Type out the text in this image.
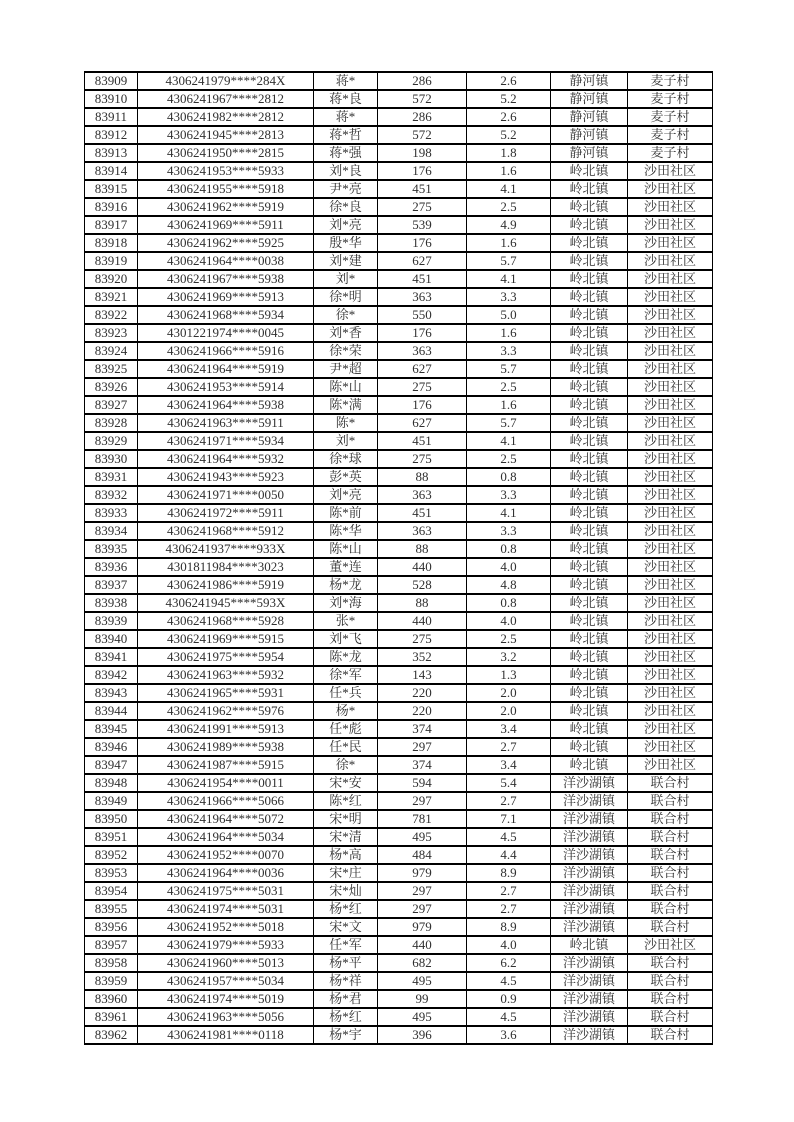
83909	4306241979****284X	蒋*	286	2.6	静河镇	麦子村
83910	4306241967****2812	蒋*良	572	5.2	静河镇	麦子村
83911	4306241982****2812	蒋*	286	2.6	静河镇	麦子村
83912	4306241945****2813	蒋*哲	572	5.2	静河镇	麦子村
83913	4306241950****2815	蒋*强	198	1.8	静河镇	麦子村
83914	4306241953****5933	刘*良	176	1.6	岭北镇	沙田社区
83915	4306241955****5918	尹*亮	451	4.1	岭北镇	沙田社区
83916	4306241962****5919	徐*良	275	2.5	岭北镇	沙田社区
83917	4306241969****5911	刘*亮	539	4.9	岭北镇	沙田社区
83918	4306241962****5925	殷*华	176	1.6	岭北镇	沙田社区
83919	4306241964****0038	刘*建	627	5.7	岭北镇	沙田社区
83920	4306241967****5938	刘*	451	4.1	岭北镇	沙田社区
83921	4306241969****5913	徐*明	363	3.3	岭北镇	沙田社区
83922	4306241968****5934	徐*	550	5.0	岭北镇	沙田社区
83923	4301221974****0045	刘*香	176	1.6	岭北镇	沙田社区
83924	4306241966****5916	徐*荣	363	3.3	岭北镇	沙田社区
83925	4306241964****5919	尹*超	627	5.7	岭北镇	沙田社区
83926	4306241953****5914	陈*山	275	2.5	岭北镇	沙田社区
83927	4306241964****5938	陈*满	176	1.6	岭北镇	沙田社区
83928	4306241963****5911	陈*	627	5.7	岭北镇	沙田社区
83929	4306241971****5934	刘*	451	4.1	岭北镇	沙田社区
83930	4306241964****5932	徐*球	275	2.5	岭北镇	沙田社区
83931	4306241943****5923	彭*英	88	0.8	岭北镇	沙田社区
83932	4306241971****0050	刘*亮	363	3.3	岭北镇	沙田社区
83933	4306241972****5911	陈*前	451	4.1	岭北镇	沙田社区
83934	4306241968****5912	陈*华	363	3.3	岭北镇	沙田社区
83935	4306241937****933X	陈*山	88	0.8	岭北镇	沙田社区
83936	4301811984****3023	董*连	440	4.0	岭北镇	沙田社区
83937	4306241986****5919	杨*龙	528	4.8	岭北镇	沙田社区
83938	4306241945****593X	刘*海	88	0.8	岭北镇	沙田社区
83939	4306241968****5928	张*	440	4.0	岭北镇	沙田社区
83940	4306241969****5915	刘*飞	275	2.5	岭北镇	沙田社区
83941	4306241975****5954	陈*龙	352	3.2	岭北镇	沙田社区
83942	4306241963****5932	徐*军	143	1.3	岭北镇	沙田社区
83943	4306241965****5931	任*兵	220	2.0	岭北镇	沙田社区
83944	4306241962****5976	杨*	220	2.0	岭北镇	沙田社区
83945	4306241991****5913	任*彪	374	3.4	岭北镇	沙田社区
83946	4306241989****5938	任*民	297	2.7	岭北镇	沙田社区
83947	4306241987****5915	徐*	374	3.4	岭北镇	沙田社区
83948	4306241954****0011	宋*安	594	5.4	洋沙湖镇	联合村
83949	4306241966****5066	陈*红	297	2.7	洋沙湖镇	联合村
83950	4306241964****5072	宋*明	781	7.1	洋沙湖镇	联合村
83951	4306241964****5034	宋*清	495	4.5	洋沙湖镇	联合村
83952	4306241952****0070	杨*高	484	4.4	洋沙湖镇	联合村
83953	4306241964****0036	宋*庄	979	8.9	洋沙湖镇	联合村
83954	4306241975****5031	宋*灿	297	2.7	洋沙湖镇	联合村
83955	4306241974****5031	杨*红	297	2.7	洋沙湖镇	联合村
83956	4306241952****5018	宋*文	979	8.9	洋沙湖镇	联合村
83957	4306241979****5933	任*军	440	4.0	岭北镇	沙田社区
83958	4306241960****5013	杨*平	682	6.2	洋沙湖镇	联合村
83959	4306241957****5034	杨*祥	495	4.5	洋沙湖镇	联合村
83960	4306241974****5019	杨*君	99	0.9	洋沙湖镇	联合村
83961	4306241963****5056	杨*红	495	4.5	洋沙湖镇	联合村
83962	4306241981****0118	杨*宇	396	3.6	洋沙湖镇	联合村
